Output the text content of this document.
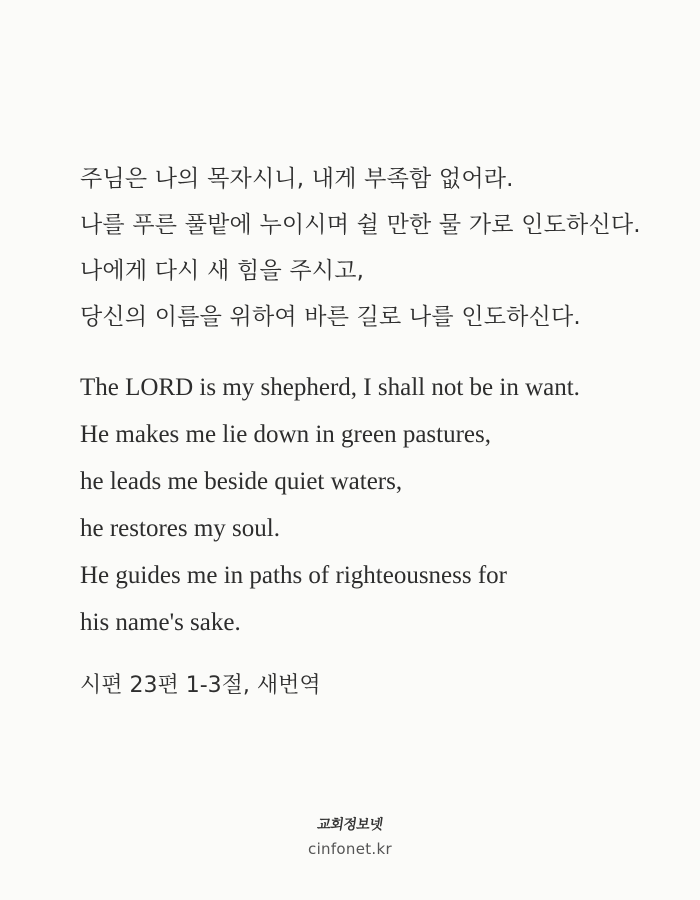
주님은 나의 목자시니, 내게 부족함 없어라.
나를 푸른 풀밭에 누이시며 쉴 만한 물 가로 인도하신다.
나에게 다시 새 힘을 주시고,
당신의 이름을 위하여 바른 길로 나를 인도하신다.
The LORD is my shepherd, I shall not be in want.
He makes me lie down in green pastures,
he leads me beside quiet waters,
he restores my soul.
He guides me in paths of righteousness for
his name's sake.
시편 23편 1-3절, 새번역
교회정보넷
cinfonet.kr
